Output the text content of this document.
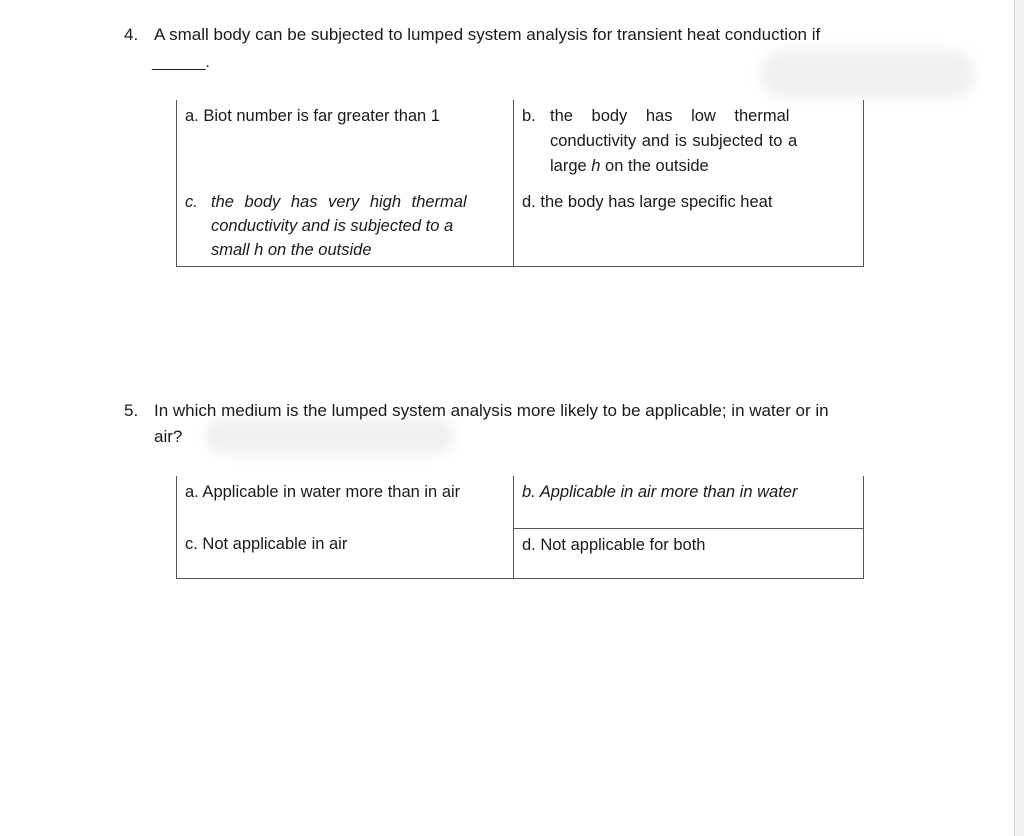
4. A small body can be subjected to lumped system analysis for transient heat conduction if
______.
a. Biot number is far greater than 1	b. the body has low thermal
conductivity and is subjected to a
large h on the outside

c. the body has very high thermal
conductivity and is subjected to a
small h on the outside	d. the body has large specific heat
5. In which medium is the lumped system analysis more likely to be applicable; in water or in
air?
a. Applicable in water more than in air	b. Applicable in air more than in water
c. Not applicable in air	d. Not applicable for both
